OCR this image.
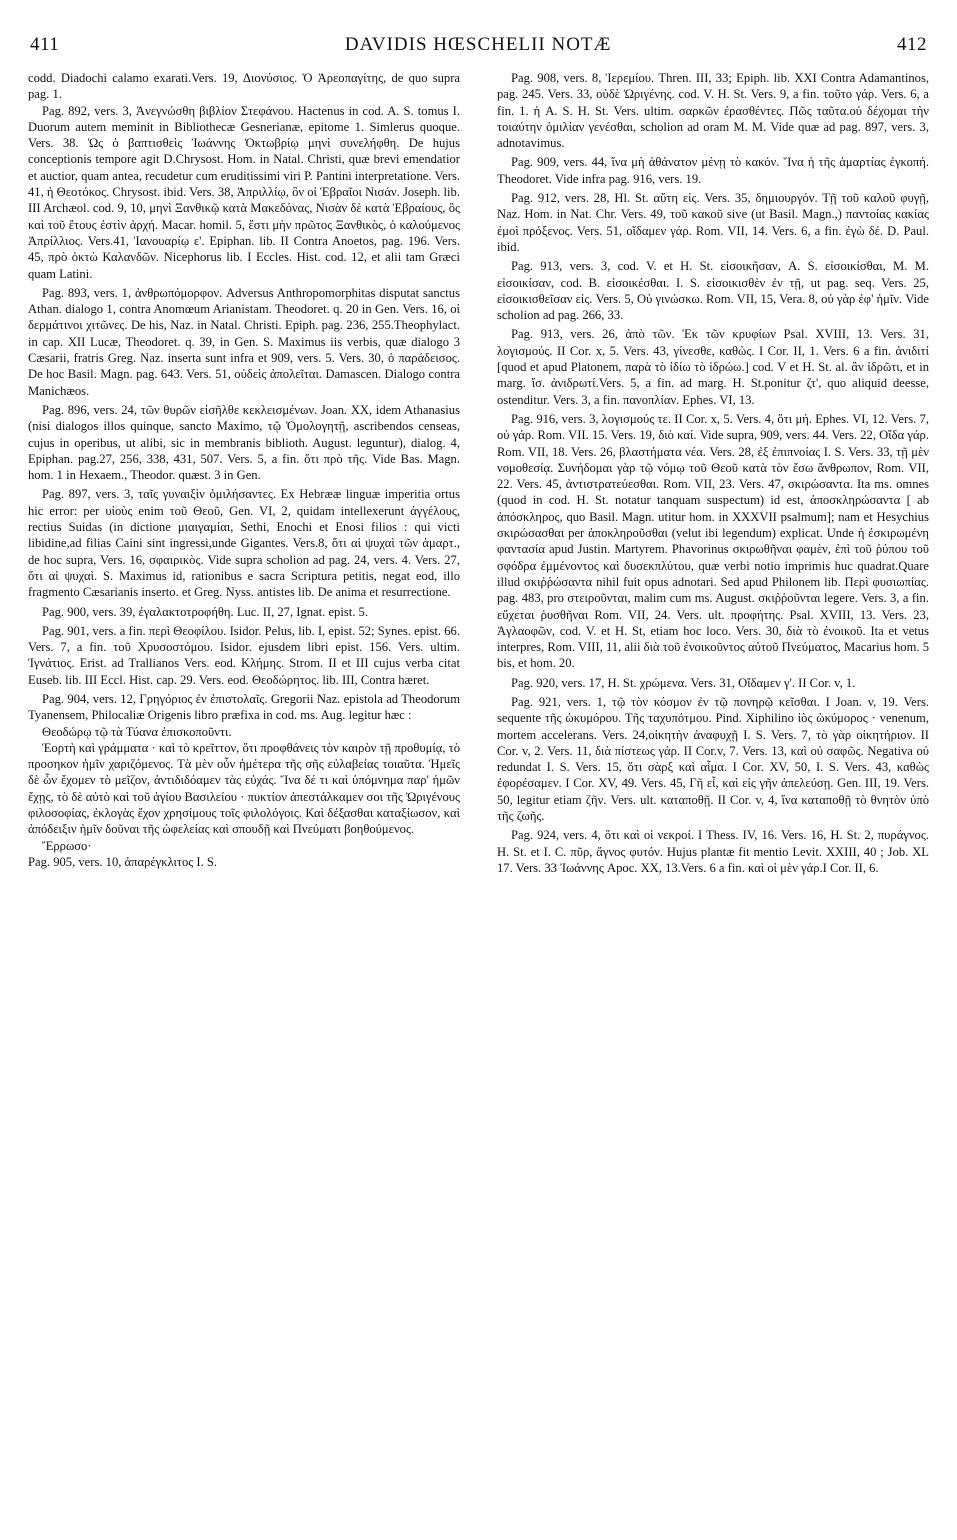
411	DAVIDIS HŒSCHELII NOTÆ	412

codd. Diadochi calamo exarati.Vers. 19, Διονύσιος. Ὁ Ἀρεοπαγίτης, de quo supra pag. 1.

Pag. 892, vers. 3, Ἀνεγνώσθη βιβλίον Στεφάνου. Hactenus in cod. A. S. tomus I. Duorum autem meminit in Bibliothecæ Gesnerianæ, epitome 1. Simlerus quoque. Vers. 38. Ὡς ὁ βαπτισθεὶς Ἰωάννης Ὀκτωβρίῳ μηνὶ συνελήφθη. De hujus conceptionis tempore agit D.Chrysost. Hom. in Natal. Christi, quæ brevi emendatior et auctior, quam antea, recudetur cum eruditissimi viri P. Pantini interpretatione. Vers. 41, ἡ Θεοτόκος. Chrysost. ibid. Vers. 38, Ἀπριλλίῳ, ὃν οἱ Ἑβραῖοι Νισάν. Joseph. lib. III Archæol. cod. 9, 10, μηνὶ Ξανθικῷ κατὰ Μακεδόνας, Νισὰν δὲ κατὰ Ἑβραίους, ὃς καὶ τοῦ ἔτους ἐστὶν ἀρχή. Macar. homil. 5, ἔστι μὴν πρῶτος Ξανθικὸς, ὁ καλούμενος Ἀπρίλλιος. Vers.41, Ἰανουαρίῳ ε'. Epiphan. lib. II Contra Anoetos, pag. 196. Vers. 45, πρὸ ὀκτὼ Καλανδῶν. Nicephorus lib. I Eccles. Hist. cod. 12, et alii tam Græci quam Latini.

Pag. 893, vers. 1, ἀνθρωπόμορφον. Adversus Anthropomorphitas disputat sanctus Athan. dialogo 1, contra Anomœum Arianistam. Theodoret. q. 20 in Gen. Vers. 16, οἱ δερμάτινοι χιτῶνες. De his, Naz. in Natal. Christi. Epiph. pag. 236, 255.Theophylact. in cap. XII Lucæ, Theodoret. q. 39, in Gen. S. Maximus iis verbis, quæ dialogo 3 Cæsarii, fratris Greg. Naz. inserta sunt infra et 909, vers. 5. Vers. 30, ὁ παράδεισος. De hoc Basil. Magn. pag. 643. Vers. 51, οὐδεὶς ἀπολεῖται. Damascen. Dialogo contra Manichæos.

Pag. 896, vers. 24, τῶν θυρῶν εἰσῆλθε κεκλεισμένων. Joan. XX, idem Athanasius (nisi dialogos illos quinque, sancto Maximo, τῷ Ὁμολογητῇ, ascribendos censeas, cujus in operibus, ut alibi, sic in membranis biblioth. August. leguntur), dialog. 4, Epiphan. pag.27, 256, 338, 431, 507. Vers. 5, a fin. ὅτι πρὸ τῆς. Vide Bas. Magn. hom. 1 in Hexaem., Theodor. quæst. 3 in Gen.

Pag. 897, vers. 3, ταῖς γυναιξὶν ὁμιλήσαντες. Ex Hebrææ linguæ imperitia ortus hic error: per υἱοὺς enim τοῦ Θεοῦ, Gen. VI, 2, quidam intellexerunt ἀγγέλους, rectius Suidas (in dictione μιαιγαμίαι, Sethi, Enochi et Enosi filios : qui victi libidine,ad filias Caini sint ingressi,unde Gigantes. Vers.8, ὅτι αἱ ψυχαὶ τῶν ἁμαρτ., de hoc supra, Vers. 16, σφαιρικὸς. Vide supra scholion ad pag. 24, vers. 4. Vers. 27, ὅτι αἱ ψυχαὶ. S. Maximus id, rationibus e sacra Scriptura petitis, negat eod, illo fragmento Cæsarianis inserto. et Greg. Nyss. antistes lib. De anima et resurrectione.

Pag. 900, vers. 39, ἐγαλακτοτροφήθη. Luc. II, 27, Ignat. epist. 5.

Pag. 901, vers. a fin. περὶ Θεοφίλου. Isidor. Pelus, lib. I, epist. 52; Synes. epist. 66. Vers. 7, a fin. τοῦ Χρυσοστόμου. Isidor. ejusdem libri epist. 156. Vers. ultim. Ἰγνάτιος. Erist. ad Trallianos Vers. eod. Κλήμης. Strom. II et III cujus verba citat Euseb. lib. III Eccl. Hist. cap. 29. Vers. eod. Θεοδώρητος. lib. III, Contra hæret.

Pag. 904, vers. 12, Γρηγόριος ἐν ἐπιστολαῖς. Gregorii Naz. epistola ad Theodorum Tyanensem, Philocaliæ Origenis libro præfixa in cod. ms. Aug. legitur hæc :

Θεοδώρῳ τῷ τὰ Τύανα ἐπισκοποῦντι.

Ἑορτὴ καὶ γράμματα · καὶ τὸ κρεῖττον, ὅτι προφθάνεις τὸν καιρὸν τῇ προθυμίᾳ, τὸ προσηκον ἡμῖν χαριζόμενος. Τὰ μὲν οὖν ἡμέτερα τῆς σῆς εὐλαβείας τοιαῦτα. Ἡμεῖς δὲ ὧν ἔχομεν τὸ μεῖζον, ἀντιδιδόαμεν τὰς εὐχάς. Ἵνα δέ τι καὶ ὑπόμνημα παρ' ἡμῶν ἔχῃς, τὸ δὲ αὐτὸ καὶ τοῦ ἁγίου Βασιλείου · πυκτίον ἀπεστάλκαμεν σοι τῆς Ὠριγένους φιλοσοφίας, ἐκλογὰς ἔχον χρησίμους τοῖς φιλολόγοις. Καὶ δέξασθαι καταξίωσον, καὶ ἀπόδειξιν ἡμῖν δοῦναι τῆς ὠφελείας καὶ σπουδῇ καὶ Πνεύματι βοηθούμενος.

Ἔρρωσο·

Pag. 905, vers. 10, ἀπαρέγκλιτος I. S.

Pag. 908, vers. 8, Ἱερεμίου. Thren. III, 33; Epiph. lib. XXI Contra Adamantinos, pag. 245. Vers. 33, οὐδὲ Ὠριγένης. cod. V. H. St. Vers. 9, a fin. τοῦτο γάρ. Vers. 6, a fin. 1. ἡ A. S. H. St. Vers. ultim. σαρκῶν ἐρασθέντες. Πῶς ταῦτα.οὐ δέχομαι τὴν τοιαύτην ὁμιλίαν γενέσθαι, scholion ad oram M. M. Vide quæ ad pag. 897, vers. 3, adnotavimus.

Pag. 909, vers. 44, ἵνα μὴ ἀθάνατον μένῃ τὸ κακόν. Ἵνα ἡ τῆς ἁμαρτίας ἐγκοπή. Theodoret. Vide infra pag. 916, vers. 19.

Pag. 912, vers. 28, Hl. St. αὕτη εἰς. Vers. 35, δημιουργόν. Τῇ τοῦ καλοῦ φυγῇ, Naz. Hom. in Nat. Chr. Vers. 49, τοῦ κακοῦ sive (ut Basil. Magn.,) παντοίας κακίας ἐμοὶ πρόξενος. Vers. 51, οἴδαμεν γάρ. Rom. VII, 14. Vers. 6, a fin. ἐγὼ δέ. D. Paul. ibid.

Pag. 913, vers. 3, cod. V. et H. St. εἰσοικῆσαν, A. S. εἰσοικίσθαι, M. M. εἰσοικίσαν, cod. B. εἰσοικέσθαι. I. S. εἰσοικισθὲν ἐν τῇ, ut pag. seq. Vers. 25, εἰσοικισθεῖσαν εἰς. Vers. 5, Οὐ γινώσκω. Rom. VII, 15, Vera. 8, οὐ γὰρ ἐφ' ἡμῖν. Vide scholion ad pag. 266, 33.

Pag. 913, vers. 26, ἀπὸ τῶν. Ἐκ τῶν κρυφίων Psal. XVIII, 13. Vers. 31, λογισμούς. II Cor. x, 5. Vers. 43, γίνεσθε, καθὼς. I Cor. II, 1. Vers. 6 a fin. ἀνιδιτί [quod et apud Platonem, παρὰ τὸ ἰδίω τὸ ἱδρώω.] cod. V et H. St. al. ἂν ἱδρῶτι, et in marg. ἴσ. ἀνιδρωτί.Vers. 5, a fin. ad marg. H. St.ponitur ζτ', quo aliquid deesse, ostenditur. Vers. 3, a fin. πανοπλίαν. Ephes. VI, 13.

Pag. 916, vers. 3, λογισμούς τε. II Cor. x, 5. Vers. 4, ὅτι μή. Ephes. VI, 12. Vers. 7, οὐ γάρ. Rom. VII. 15. Vers. 19, διὸ καί. Vide supra, 909, vers. 44. Vers. 22, Οἴδα γάρ. Rom. VII, 18. Vers. 26, βλαστήματα νέα. Vers. 28, ἐξ ἐπιπνοίας I. S. Vers. 33, τῇ μὲν νομοθεσίᾳ. Συνήδομαι γὰρ τῷ νόμῳ τοῦ Θεοῦ κατὰ τὸν ἔσω ἄνθρωπον, Rom. VII, 22. Vers. 45, ἀντιστρατεύεσθαι. Rom. VII, 23. Vers. 47, σκιρώσαντα. Ita ms. omnes (quod in cod. H. St. notatur tanquam suspectum) id est, ἀποσκληρώσαντα [ ab ἀπόσκληρος, quo Basil. Magn. utitur hom. in XXXVII psalmum]; nam et Hesychius σκιρώσασθαι per ἀποκληροῦσθαι (velut ibi legendum) explicat. Unde ἡ ἐσκιρωμένη φαντασία apud Justin. Martyrem. Phavorinus σκιρωθῆναι φαμὲν, ἐπὶ τοῦ ῥύπου τοῦ σφόδρα ἐμμένοντος καὶ δυσεκπλύτου, quæ verbi notio imprimis huc quadrat.Quare illud σκιῤῥώσαντα nihil fuit opus adnotari. Sed apud Philonem lib. Περὶ φυσιωπίας. pag. 483, pro στειροῦνται, malim cum ms. August. σκιῤῥοῦνται legere. Vers. 3, a fin. εὔχεται ῥυσθῆναι Rom. VII, 24. Vers. ult. προφήτης. Psal. XVIII, 13. Vers. 23, Ἀγλαοφῶν, cod. V. et H. St, etiam hoc loco. Vers. 30, διὰ τὸ ἐνοικοῦ. Ita et vetus interpres, Rom. VIII, 11, alii διὰ τοῦ ἐνοικοῦντος αὐτοῦ Πνεύματος, Macarius hom. 5 bis, et hom. 20.

Pag. 920, vers. 17, H. St. χρώμενα. Vers. 31, Οἴδαμεν γ'. II Cor. v, 1.

Pag. 921, vers. 1, τῷ τὸν κόσμον ἐν τῷ πονηρῷ κεῖσθαι. I Joan. v, 19. Vers. sequente τῆς ὠκυμόρου. Τῆς ταχυπότμου. Pind. Xiphilino ἰὸς ὠκύμορος · venenum, mortem accelerans. Vers. 24,οἰκητὴν ἀναφυχῇ I. S. Vers. 7, τὸ γὰρ οἰκητήριον. II Cor. v, 2. Vers. 11, διὰ πίστεως γάρ. II Cor.v, 7. Vers. 13, καὶ οὐ σαφῶς. Negativa oὐ redundat I. S. Vers. 15, ὅτι σὰρξ καὶ αἷμα. I Cor. XV, 50, I. S. Vers. 43, καθὼς ἐφορέσαμεν. I Cor. XV, 49. Vers. 45, Γῆ εἶ, καὶ εἰς γῆν ἀπελεύσῃ. Gen. III, 19. Vers. 50, legitur etiam ζῆν. Vers. ult. καταποθῇ. II Cor. v, 4, ἵνα καταποθῇ τὸ θνητὸν ὑπὸ τῆς ζωῆς.

Pag. 924, vers. 4, ὅτι καὶ οἱ νεκροί. I Thess. IV, 16. Vers. 16, H. St. 2, πυράγνος. H. St. et I. C. πῦρ, ἄγνος φυτόν. Hujus plantæ fit mentio Levit. XXIII, 40 ; Job. XL 17. Vers. 33 Ἰωάννης Apoc. XX, 13.Vers. 6 a fin. καὶ οἱ μὲν γάρ.I Cor. II, 6.
